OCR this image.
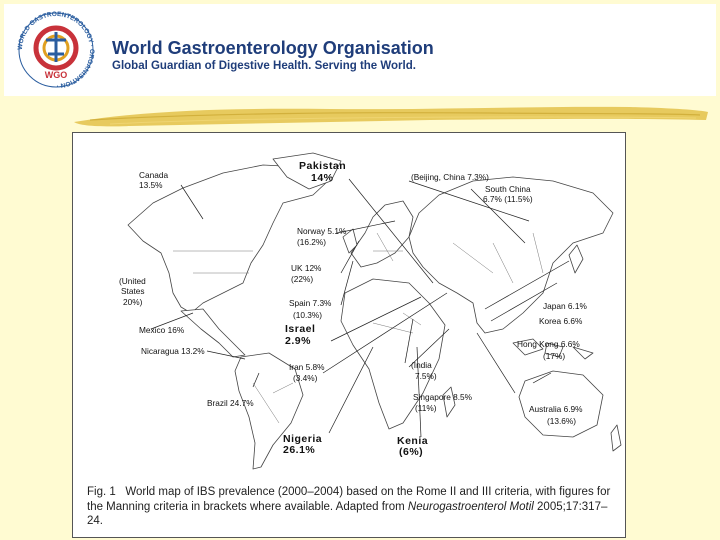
WORLD GASTROENTEROLOGY · ORGANISATION ·
WGO
World Gastroenterology Organisation
Global Guardian of Digestive Health. Serving the World.
Canada
13.5%
(United
States
20%)
Mexico 16%
Nicaragua 13.2%
Brazil 24.7%
Pakistan
14%	(Beijing, China 7.3%)
South China
6.7% (11.5%)
Norway 5.1%
(16.2%)
UK 12%
(22%)
Spain 7.3%
(10.3%)
Israel
2.9%
Iran 5.8%
(3.4%)
Nigeria
26.1%
Kenia
(6%)
(India
7.5%)
Singapore 8.5%
(11%)
Japan 6.1%
Korea 6.6%
Hong Kong 6.6%
(17%)
Australia 6.9%
(13.6%)
Fig. 1 World map of IBS prevalence (2000–2004) based on the Rome II and III criteria, with figures for the Manning criteria in brackets where available. Adapted from Neurogastroenterol Motil 2005;17:317–24.
